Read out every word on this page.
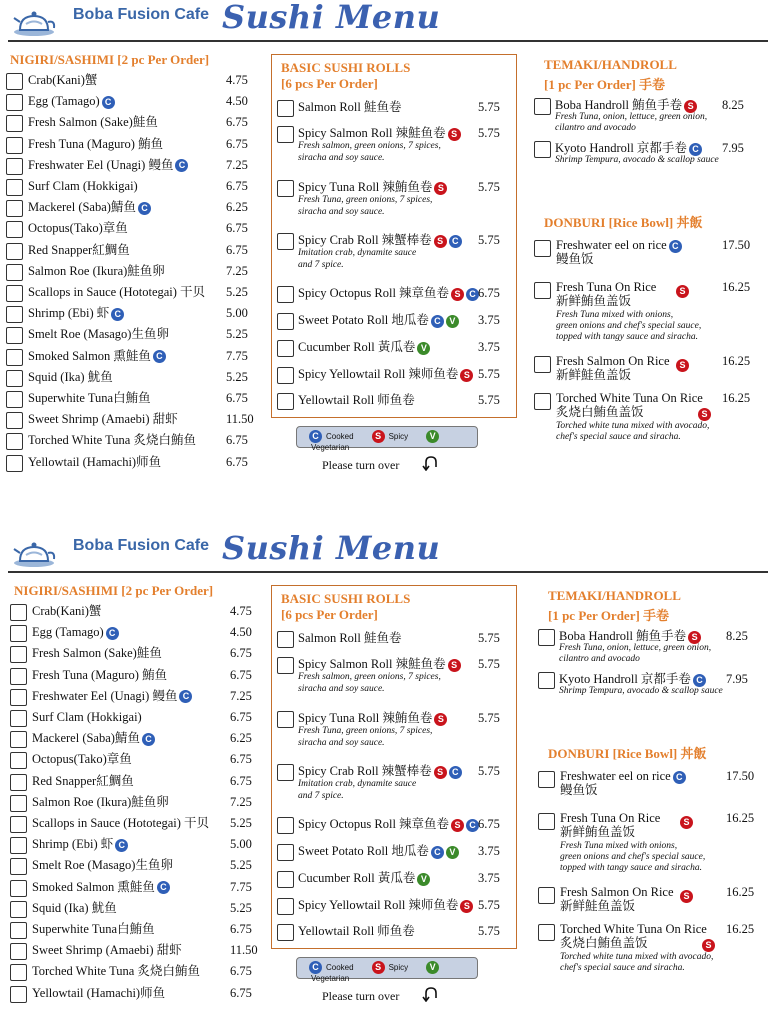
Boba Fusion Cafe Sushi Menu
NIGIRI/SASHIMI [2 pc Per Order]
Crab(Kani)蟹	4.75
Egg (Tamago) C	4.50
Fresh Salmon (Sake)鮭鱼	6.75
Fresh Tuna (Maguro) 鮪鱼	6.75
Freshwater Eel (Unagi) 鳗鱼 C	7.25
Surf Clam (Hokkigai)	6.75
Mackerel (Saba)鯖鱼 C	6.25
Octopus(Tako)章鱼	6.75
Red Snapper紅鯛鱼	6.75
Salmon Roe (Ikura)鮭鱼卵	7.25
Scallops in Sauce (Hototegai) 干贝 5.25
Shrimp (Ebi) 虾 C	5.00
Smelt Roe (Masago)生鱼卵	5.25
Smoked Salmon 熏鮭鱼 C	7.75
Squid (Ika) 魷鱼	5.25
Superwhite Tuna白鮪鱼	6.75
Sweet Shrimp (Amaebi) 甜虾	11.50
Torched White Tuna 炙烧白鮪鱼 6.75
Yellowtail (Hamachi)师鱼	6.75
BASIC SUSHI ROLLS
[6 pcs Per Order]
Salmon Roll 鮭鱼卷	5.75
Spicy Salmon Roll 辣鮭鱼卷 S 5.75
Fresh salmon, green onions, 7 spices,
siracha and soy sauce.
Spicy Tuna Roll 辣鮪鱼卷 S	5.75
Fresh Tuna, green onions, 7 spices,
siracha and soy sauce.
Spicy Crab Roll 辣蟹棒卷 S C 5.75
Imitation crab, dynamite sauce
and 7 spice.
Spicy Octopus Roll 辣章鱼卷 S C 6.75
Sweet Potato Roll 地瓜卷 C V 3.75
Cucumber Roll 黃瓜卷 V	3.75
Spicy Yellowtail Roll 辣师鱼卷 S 5.75
Yellowtail Roll 师鱼卷	5.75
C Cooked S Spicy VVegetarian
Please turn over
TEMAKI/HANDROLL
[1 pc Per Order] 手卷
Boba Handroll 鮪鱼手卷 S 8.25
Fresh Tuna, onion, lettuce, green onion,
cilantro and avocado
Kyoto Handroll 京都手卷 C 7.95
Shrimp Tempura, avocado & scallop sauce
DONBURI [Rice Bowl] 丼飯
Freshwater eel on rice C
鳗鱼饭
17.50
Fresh Tuna On Rice	S
新鲜鮪鱼盖饭
16.25
Fresh Tuna mixed with onions,
green onions and chef's special sauce,
topped with tangy sauce and siracha.
Fresh Salmon On Rice	S
新鲜鮭鱼盖饭
16.25
Torched White Tuna On Rice
S
炙烧白鮪鱼盖饭
16.25
Torched white tuna mixed with avocado,
chef's special sauce and siracha.
Boba Fusion Cafe Sushi Menu
NIGIRI/SASHIMI [2 pc Per Order]
Crab(Kani)蟹	4.75
Egg (Tamago) C	4.50
Fresh Salmon (Sake)鮭鱼	6.75
Fresh Tuna (Maguro) 鮪鱼	6.75
Freshwater Eel (Unagi) 鳗鱼 C	7.25
Surf Clam (Hokkigai)	6.75
Mackerel (Saba)鯖鱼 C	6.25
Octopus(Tako)章鱼	6.75
Red Snapper紅鯛鱼	6.75
Salmon Roe (Ikura)鮭鱼卵	7.25
Scallops in Sauce (Hototegai) 干贝 5.25
Shrimp (Ebi) 虾 C	5.00
Smelt Roe (Masago)生鱼卵	5.25
Smoked Salmon 熏鮭鱼 C	7.75
Squid (Ika) 魷鱼	5.25
Superwhite Tuna白鮪鱼	6.75
Sweet Shrimp (Amaebi) 甜虾	11.50
Torched White Tuna 炙烧白鮪鱼 6.75
Yellowtail (Hamachi)师鱼	6.75
BASIC SUSHI ROLLS
[6 pcs Per Order]
Salmon Roll 鮭鱼卷	5.75
Spicy Salmon Roll 辣鮭鱼卷 S 5.75
Fresh salmon, green onions, 7 spices,
siracha and soy sauce.
Spicy Tuna Roll 辣鮪鱼卷 S	5.75
Fresh Tuna, green onions, 7 spices,
siracha and soy sauce.
Spicy Crab Roll 辣蟹棒卷 S C 5.75
Imitation crab, dynamite sauce
and 7 spice.
Spicy Octopus Roll 辣章鱼卷 S C 6.75
Sweet Potato Roll 地瓜卷 C V 3.75
Cucumber Roll 黃瓜卷 V	3.75
Spicy Yellowtail Roll 辣师鱼卷 S 5.75
Yellowtail Roll 师鱼卷	5.75
C Cooked S Spicy VVegetarian
Please turn over
TEMAKI/HANDROLL
[1 pc Per Order] 手卷
Boba Handroll 鮪鱼手卷 S 8.25
Fresh Tuna, onion, lettuce, green onion,
cilantro and avocado
Kyoto Handroll 京都手卷 C 7.95
Shrimp Tempura, avocado & scallop sauce
DONBURI [Rice Bowl] 丼飯
Freshwater eel on rice C
鳗鱼饭
17.50
Fresh Tuna On Rice	S
新鲜鮪鱼盖饭
16.25
Fresh Tuna mixed with onions,
green onions and chef's special sauce,
topped with tangy sauce and siracha.
Fresh Salmon On Rice	S
新鲜鮭鱼盖饭
16.25
Torched White Tuna On Rice
S
炙烧白鮪鱼盖饭
16.25
Torched white tuna mixed with avocado,
chef's special sauce and siracha.
